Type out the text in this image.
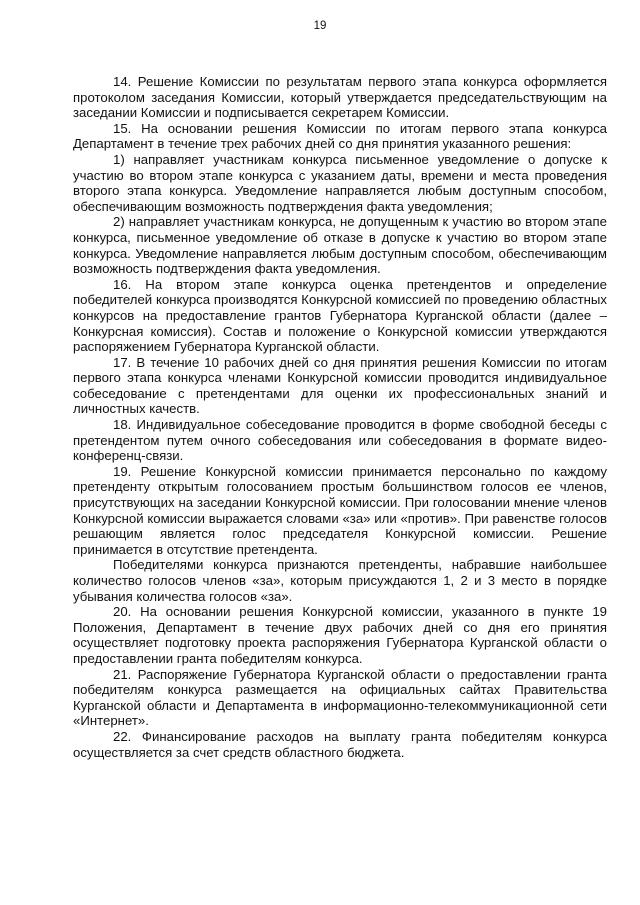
19

14. Решение Комиссии по результатам первого этапа конкурса оформляется протоколом заседания Комиссии, который утверждается председательствующим на заседании Комиссии и подписывается секретарем Комиссии.

15. На основании решения Комиссии по итогам первого этапа конкурса Департамент в течение трех рабочих дней со дня принятия указанного решения:

1) направляет участникам конкурса письменное уведомление о допуске к участию во втором этапе конкурса с указанием даты, времени и места проведения второго этапа конкурса. Уведомление направляется любым доступным способом, обеспечивающим возможность подтверждения факта уведомления;

2) направляет участникам конкурса, не допущенным к участию во втором этапе конкурса, письменное уведомление об отказе в допуске к участию во втором этапе конкурса. Уведомление направляется любым доступным способом, обеспечивающим возможность подтверждения факта уведомления.

16. На втором этапе конкурса оценка претендентов и определение победителей конкурса производятся Конкурсной комиссией по проведению областных конкурсов на предоставление грантов Губернатора Курганской области (далее – Конкурсная комиссия). Состав и положение о Конкурсной комиссии утверждаются распоряжением Губернатора Курганской области.

17. В течение 10 рабочих дней со дня принятия решения Комиссии по итогам первого этапа конкурса членами Конкурсной комиссии проводится индивидуальное собеседование с претендентами для оценки их профессиональных знаний и личностных качеств.

18. Индивидуальное собеседование проводится в форме свободной беседы с претендентом путем очного собеседования или собеседования в формате видео-конференц-связи.

19. Решение Конкурсной комиссии принимается персонально по каждому претенденту открытым голосованием простым большинством голосов ее членов, присутствующих на заседании Конкурсной комиссии. При голосовании мнение членов Конкурсной комиссии выражается словами «за» или «против». При равенстве голосов решающим является голос председателя Конкурсной комиссии. Решение принимается в отсутствие претендента.

Победителями конкурса признаются претенденты, набравшие наибольшее количество голосов членов «за», которым присуждаются 1, 2 и 3 место в порядке убывания количества голосов «за».

20. На основании решения Конкурсной комиссии, указанного в пункте 19 Положения, Департамент в течение двух рабочих дней со дня его принятия осуществляет подготовку проекта распоряжения Губернатора Курганской области о предоставлении гранта победителям конкурса.

21. Распоряжение Губернатора Курганской области о предоставлении гранта победителям конкурса размещается на официальных сайтах Правительства Курганской области и Департамента в информационно-телекоммуникационной сети «Интернет».

22. Финансирование расходов на выплату гранта победителям конкурса осуществляется за счет средств областного бюджета.
